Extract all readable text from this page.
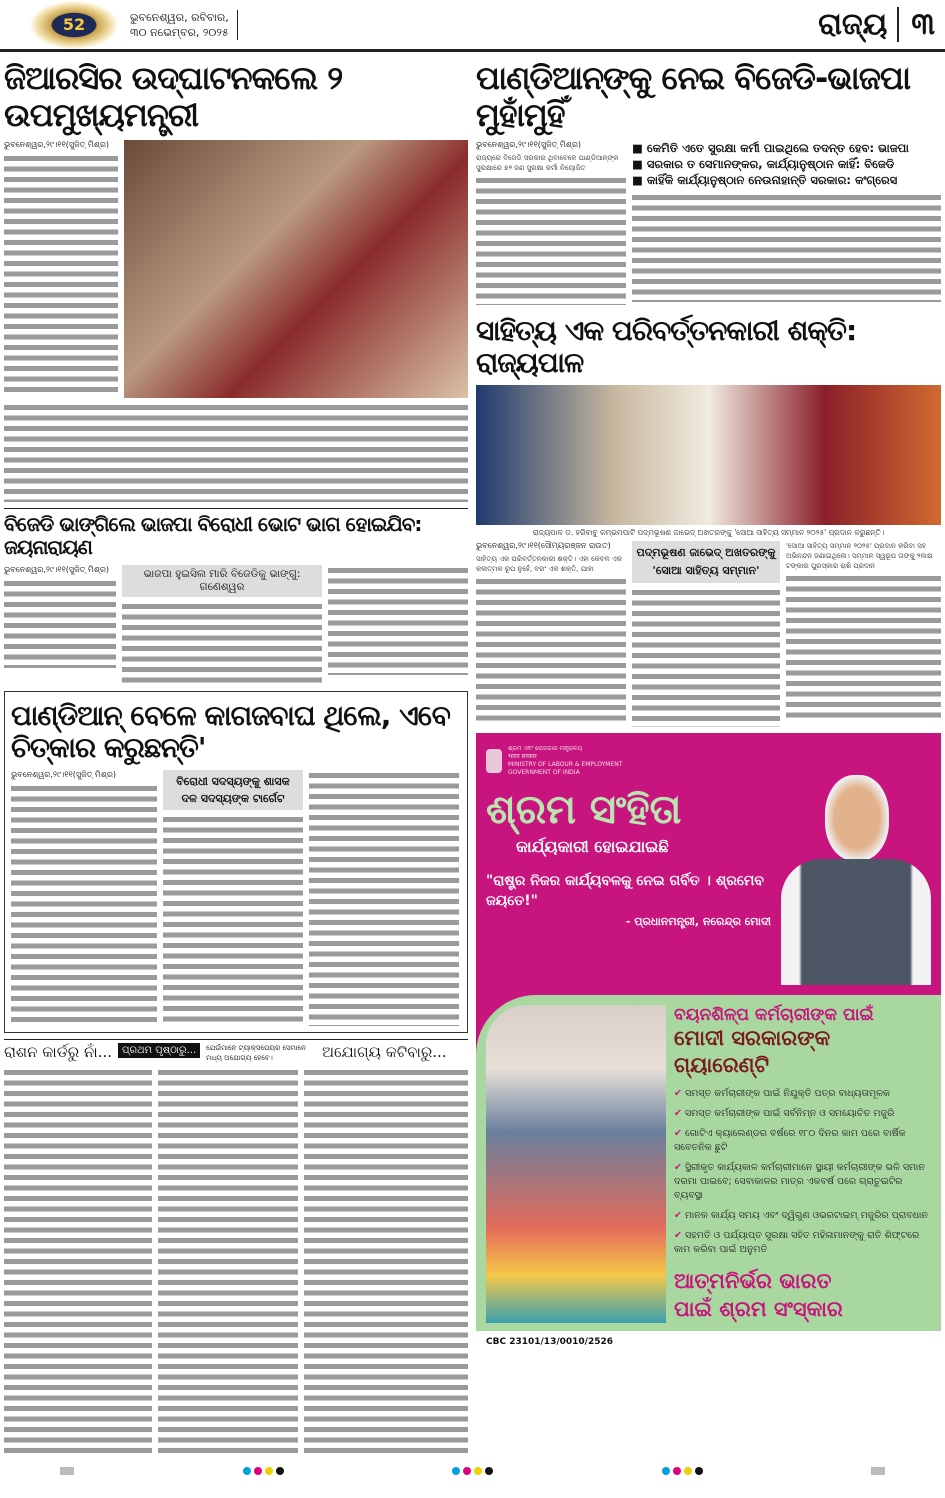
52	ଭୁବନେଶ୍ୱର, ରବିବାର,
୩୦ ନଭେମ୍ବର, ୨୦୨୫	ରାଜ୍ୟ ୩
ଜିଆରସିର ଉଦ୍‌ଘାଟନକଲେ ୨ ଉପମୁଖ୍ୟମନ୍ତ୍ରୀ
ଭୁବନେଶ୍ୱର,୨୯।୧୧(ସୁଜିତ୍ ମିଶ୍ର)
ବିଜେଡି ଭାଙ୍ଗିଲେ ଭାଜପା ବିରୋଧୀ ଭୋଟ ଭାଗ ହୋଇଯିବ: ଜୟନାରାୟଣ
ଭୁବନେଶ୍ୱର,୨୯।୧୧(ସୁଜିତ୍ ମିଶ୍ର)	ଭାଜପା ହୁଇସିଲ ମାରି ବିଜେଡିକୁ ଭାଙ୍ଗୁ: ଗଣେଶ୍ୱର
ପାଣ୍ଡିଆନ୍ ବେଳେ କାଗଜବାଘ ଥିଲେ, ଏବେ ଚିତ୍କାର କରୁଛନ୍ତି'
ଭୁବନେଶ୍ୱର,୨୯।୧୧(ସୁଜିତ୍ ମିଶ୍ର)
ବିରୋଧୀ ସଦସ୍ୟଙ୍କୁ ଶାସକ ଦଳ ସଦସ୍ୟଙ୍କ ଟାର୍ଗେଟ
ରାଶନ କାର୍ଡରୁ ନାଁ...	ପ୍ରଥମ ପୃଷ୍ଠାରୁ...	ଯେଉଁମାନେ ଟ୍ୟାକ୍ସପେୟର ସେମାନେ ମଧ୍ୟ ଅଯୋଗ୍ୟ ହେବେ।	ଅଯୋଗ୍ୟ କଟିବାରୁ...
ପାଣ୍ଡିଆନ୍‌ଙ୍କୁ ନେଇ ବିଜେଡି-ଭାଜପା ମୁହାଁମୁହିଁ
ଭୁବନେଶ୍ୱର,୨୯।୧୧(ସୁଜିତ୍ ମିଶ୍ର)
ରାଜ୍ୟରେ ବିଜେଡି ସରକାର ଥିବାବେଳେ ପାଣ୍ଡିଆନ୍‌ଙ୍କ ସୁରକ୍ଷାରେ ୭୨ ଜଣ ସୁରକ୍ଷା କର୍ମୀ ନିୟୋଜିତ
■ କେମିତି ଏତେ ସୁରକ୍ଷା କର୍ମୀ ପାଇଥିଲେ ତଦନ୍ତ ହେବ: ଭାଜପା
■ ସରକାର ତ ସେମାନଙ୍କର, କାର୍ଯ୍ୟାନୁଷ୍ଠାନ କାହିଁ: ବିଜେଡି
■ କାହିଁକି କାର୍ଯ୍ୟାନୁଷ୍ଠାନ ନେଉନାହାନ୍ତି ସରକାର: କଂଗ୍ରେସ
ସାହିତ୍ୟ ଏକ ପରିବର୍ତ୍ତନକାରୀ ଶକ୍ତି: ରାଜ୍ୟପାଳ
ରାଜ୍ୟପାଳ ଡ. ହରିବାବୁ କମ୍ଭମପାଟି ପଦ୍ମଭୂଷଣ ଜାଭେଦ୍ ଅଖତରଙ୍କୁ 'ସୋଆ ସାହିତ୍ୟ ସମ୍ମାନ ୨୦୨୫' ପ୍ରଦାନ କରୁଛନ୍ତି।
ଭୁବନେଶ୍ୱର,୨୯।୧୧(ସୌମ୍ୟରଞ୍ଜନ ରାଉତ)
ସାହିତ୍ୟ ଏକ ପରିବର୍ତ୍ତନକାରୀ ଶକ୍ତି। ଏହା କେବଳ ଏକ କଳାତ୍ମକ ରୂପ ନୁହେଁ, ବରଂ ଏକ ଶକ୍ତି, ଯାହା
ପଦ୍ମଭୂଷଣ ଜାଭେଦ୍ ଅଖତରଙ୍କୁ
'ସୋଆ ସାହିତ୍ୟ ସମ୍ମାନ'
'ସୋଆ ସାହିତ୍ୟ ସମ୍ମାନ ୨୦୨୫' ପ୍ରଦାନ କରିବା ସହ ଅଭିନନ୍ଦନ ଜଣାଇଥିଲେ। ସମ୍ମାନ ସ୍ୱରୂପ ତାଙ୍କୁ ୨ଲକ୍ଷ ଟଙ୍କାର ପୁରସ୍କାର ରାଶି ପ୍ରଦାନ
ଶ୍ରମ ଏବଂ ରୋଜଗାର ମନ୍ତ୍ରାଳୟ
भारत सरकार
MINISTRY OF LABOUR & EMPLOYMENT
GOVERNMENT OF INDIA
ଶ୍ରମ ସଂହିତା
କାର୍ଯ୍ୟକାରୀ ହୋଇଯାଇଛି
"ରାଷ୍ଟ୍ର ନିଜର କାର୍ଯ୍ୟବଳକୁ ନେଇ ଗର୍ବିତ । ଶ୍ରମେବ ଜୟତେ!"
- ପ୍ରଧାନମନ୍ତ୍ରୀ, ନରେନ୍ଦ୍ର ମୋଦୀ
ବୟନଶିଳ୍ପ କର୍ମଚାରୀଙ୍କ ପାଇଁ
ମୋଦୀ ସରକାରଙ୍କ ଗ୍ୟାରେଣ୍ଟି
✔ ସମସ୍ତ କର୍ମଚାରୀଙ୍କ ପାଇଁ ନିଯୁକ୍ତି ପତ୍ର ବାଧ୍ୟତାମୂଳକ
✔ ସମସ୍ତ କର୍ମଚାରୀଙ୍କ ପାଇଁ ସର୍ବନିମ୍ନ ଓ ସମୟୋଚିତ ମଜୁରି
✔ ଗୋଟିଏ କ୍ୟାଲେଣ୍ଡର ବର୍ଷରେ ୧୮୦ ଦିନର କାମ ପରେ ବାର୍ଷିକ ସବେତନିକ ଛୁଟି
✔ ସ୍ଥିରୀକୃତ କାର୍ଯ୍ୟକାଳ କର୍ମଚାରୀମାନେ ସ୍ଥାୟୀ କର୍ମଚାରୀଙ୍କ ଭଳି ସମାନ ଦରମା ପାଇବେ; ସେବାକାଳର ମାତ୍ର ଏକବର୍ଷ ପରେ ଗ୍ରାଚୁଇଟିର ବ୍ୟବସ୍ଥା
✔ ମାନକ କାର୍ଯ୍ୟ ସମୟ ଏବଂ ଦ୍ୱିଗୁଣ ଓଭରଟାଇମ୍ ମଜୁରିର ପ୍ରାବଧାନ
✔ ସହମତି ଓ ପର୍ଯ୍ୟାପ୍ତ ସୁରକ୍ଷା ସହିତ ମହିଳାମାନଙ୍କୁ ରାତି ଶିଫ୍ଟରେ କାମ କରିବା ପାଇଁ ଅନୁମତି
ଆତ୍ମନିର୍ଭର ଭାରତ
ପାଇଁ ଶ୍ରମ ସଂସ୍କାର
CBC 23101/13/0010/2526
